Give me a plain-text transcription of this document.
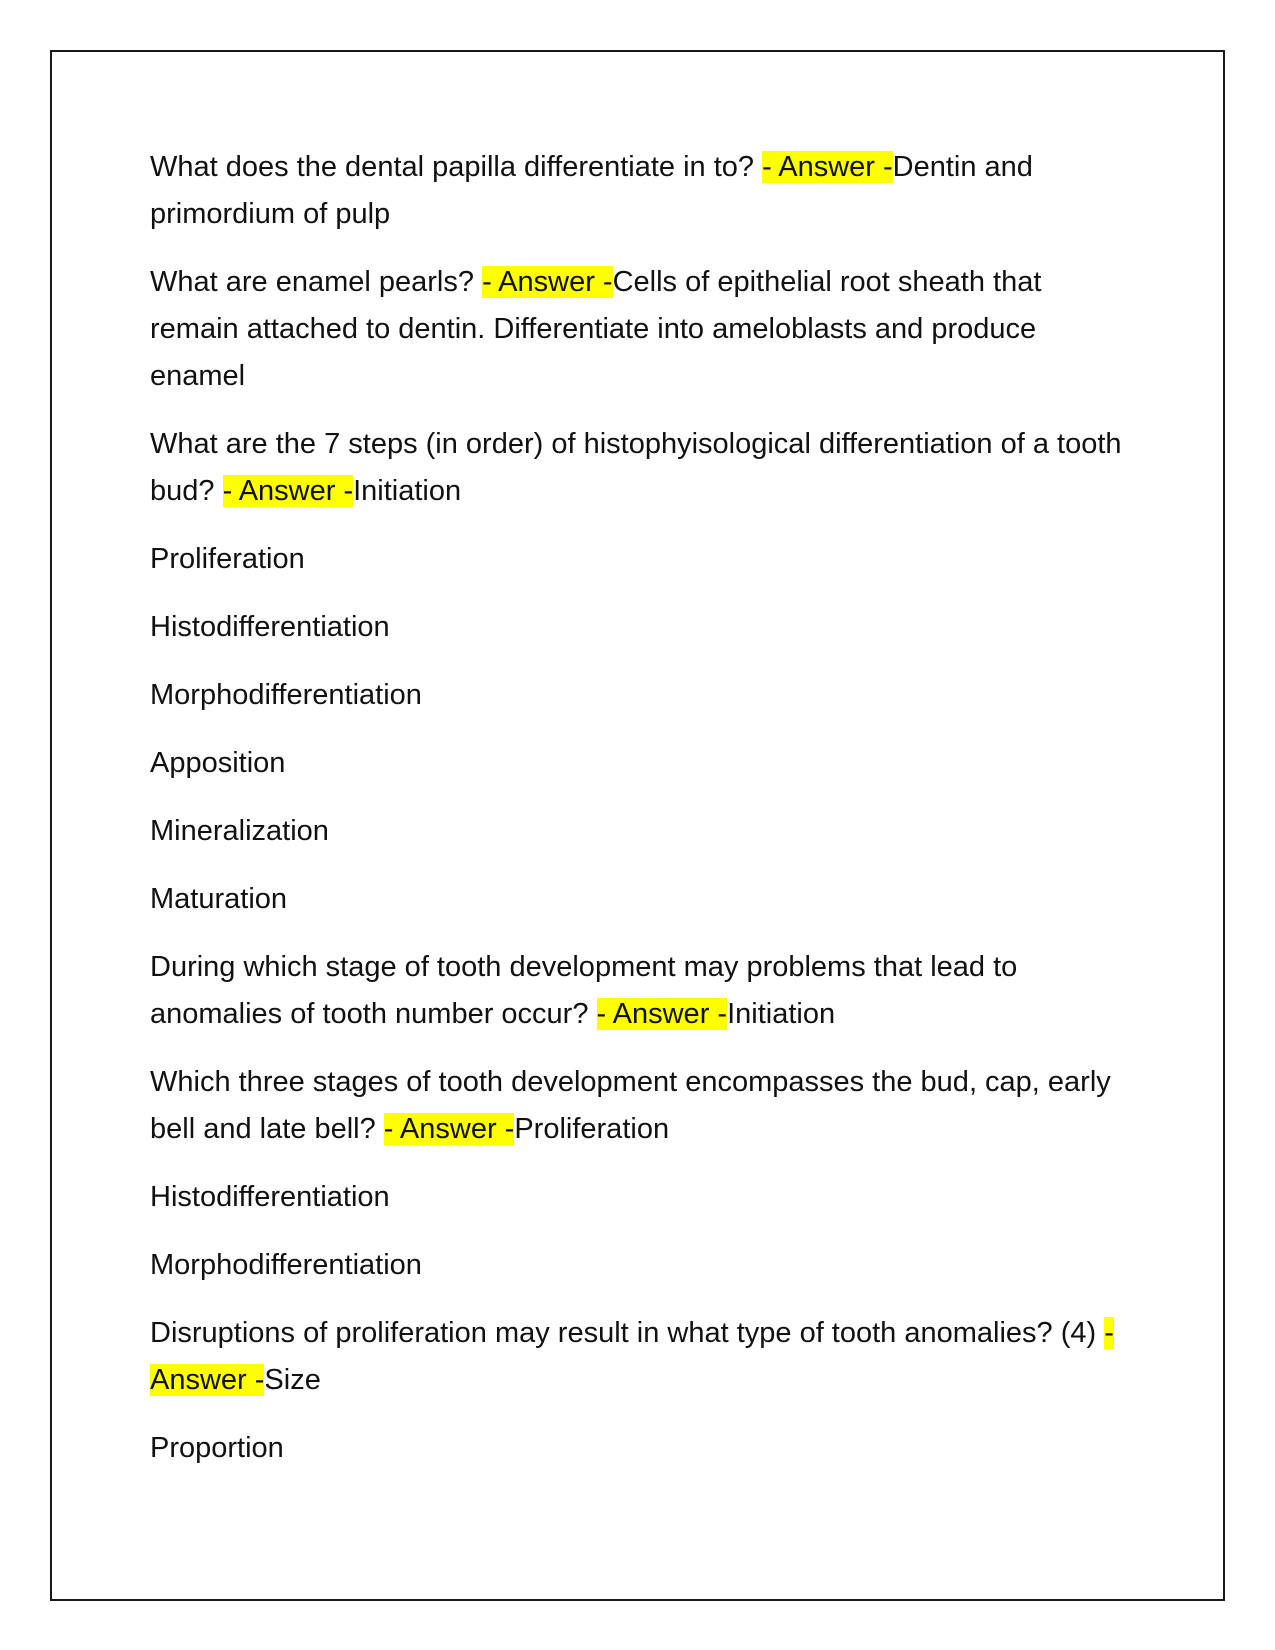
What does the dental papilla differentiate in to? - Answer -Dentin and primordium of pulp

What are enamel pearls? - Answer -Cells of epithelial root sheath that remain attached to dentin. Differentiate into ameloblasts and produce enamel

What are the 7 steps (in order) of histophyisological differentiation of a tooth bud? - Answer -Initiation

Proliferation

Histodifferentiation

Morphodifferentiation

Apposition

Mineralization

Maturation

During which stage of tooth development may problems that lead to anomalies of tooth number occur? - Answer -Initiation

Which three stages of tooth development encompasses the bud, cap, early bell and late bell? - Answer -Proliferation

Histodifferentiation

Morphodifferentiation

Disruptions of proliferation may result in what type of tooth anomalies? (4) - Answer -Size

Proportion
